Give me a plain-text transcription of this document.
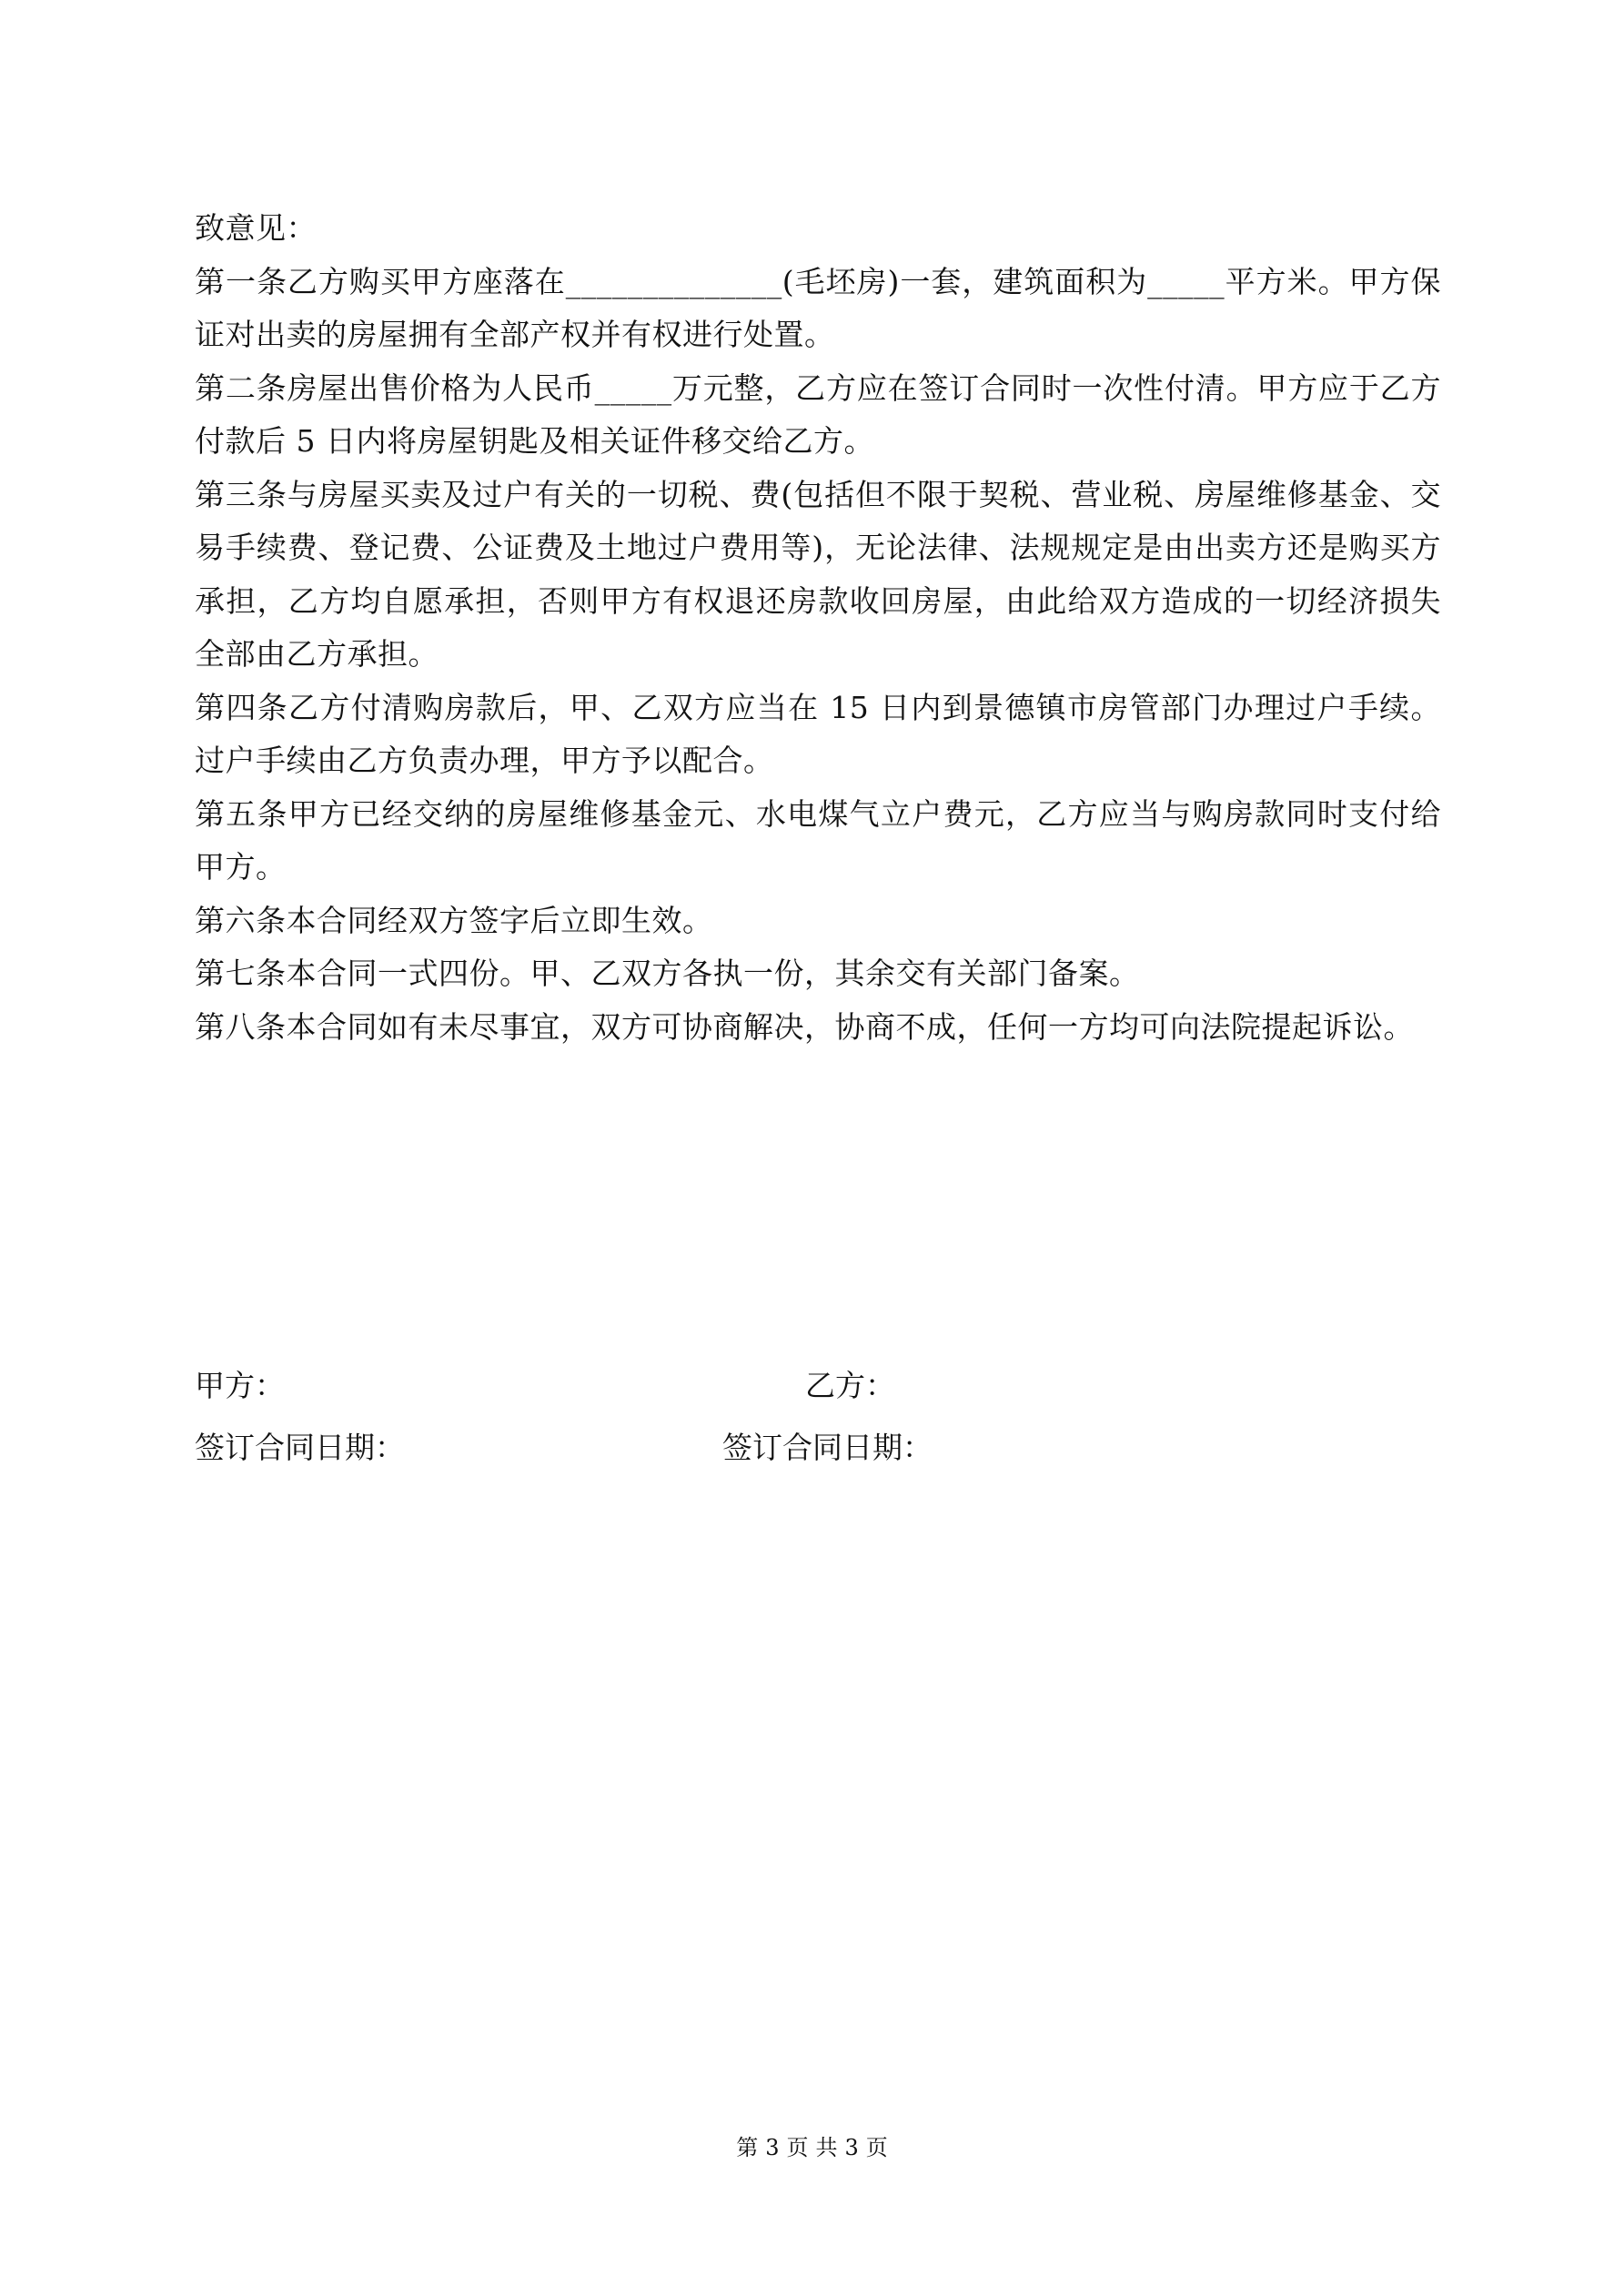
致意见：

第一条乙方购买甲方座落在______________(毛坯房)一套，建筑面积为_____平方米。甲方保证对出卖的房屋拥有全部产权并有权进行处置。

第二条房屋出售价格为人民币_____万元整，乙方应在签订合同时一次性付清。甲方应于乙方付款后 5 日内将房屋钥匙及相关证件移交给乙方。

第三条与房屋买卖及过户有关的一切税、费(包括但不限于契税、营业税、房屋维修基金、交易手续费、登记费、公证费及土地过户费用等)，无论法律、法规规定是由出卖方还是购买方承担，乙方均自愿承担，否则甲方有权退还房款收回房屋，由此给双方造成的一切经济损失全部由乙方承担。

第四条乙方付清购房款后，甲、乙双方应当在 15 日内到景德镇市房管部门办理过户手续。过户手续由乙方负责办理，甲方予以配合。

第五条甲方已经交纳的房屋维修基金元、水电煤气立户费元，乙方应当与购房款同时支付给甲方。

第六条本合同经双方签字后立即生效。

第七条本合同一式四份。甲、乙双方各执一份，其余交有关部门备案。

第八条本合同如有未尽事宜，双方可协商解决，协商不成，任何一方均可向法院提起诉讼。

甲方：	乙方：
签订合同日期：	签订合同日期：
第 3 页 共 3 页
